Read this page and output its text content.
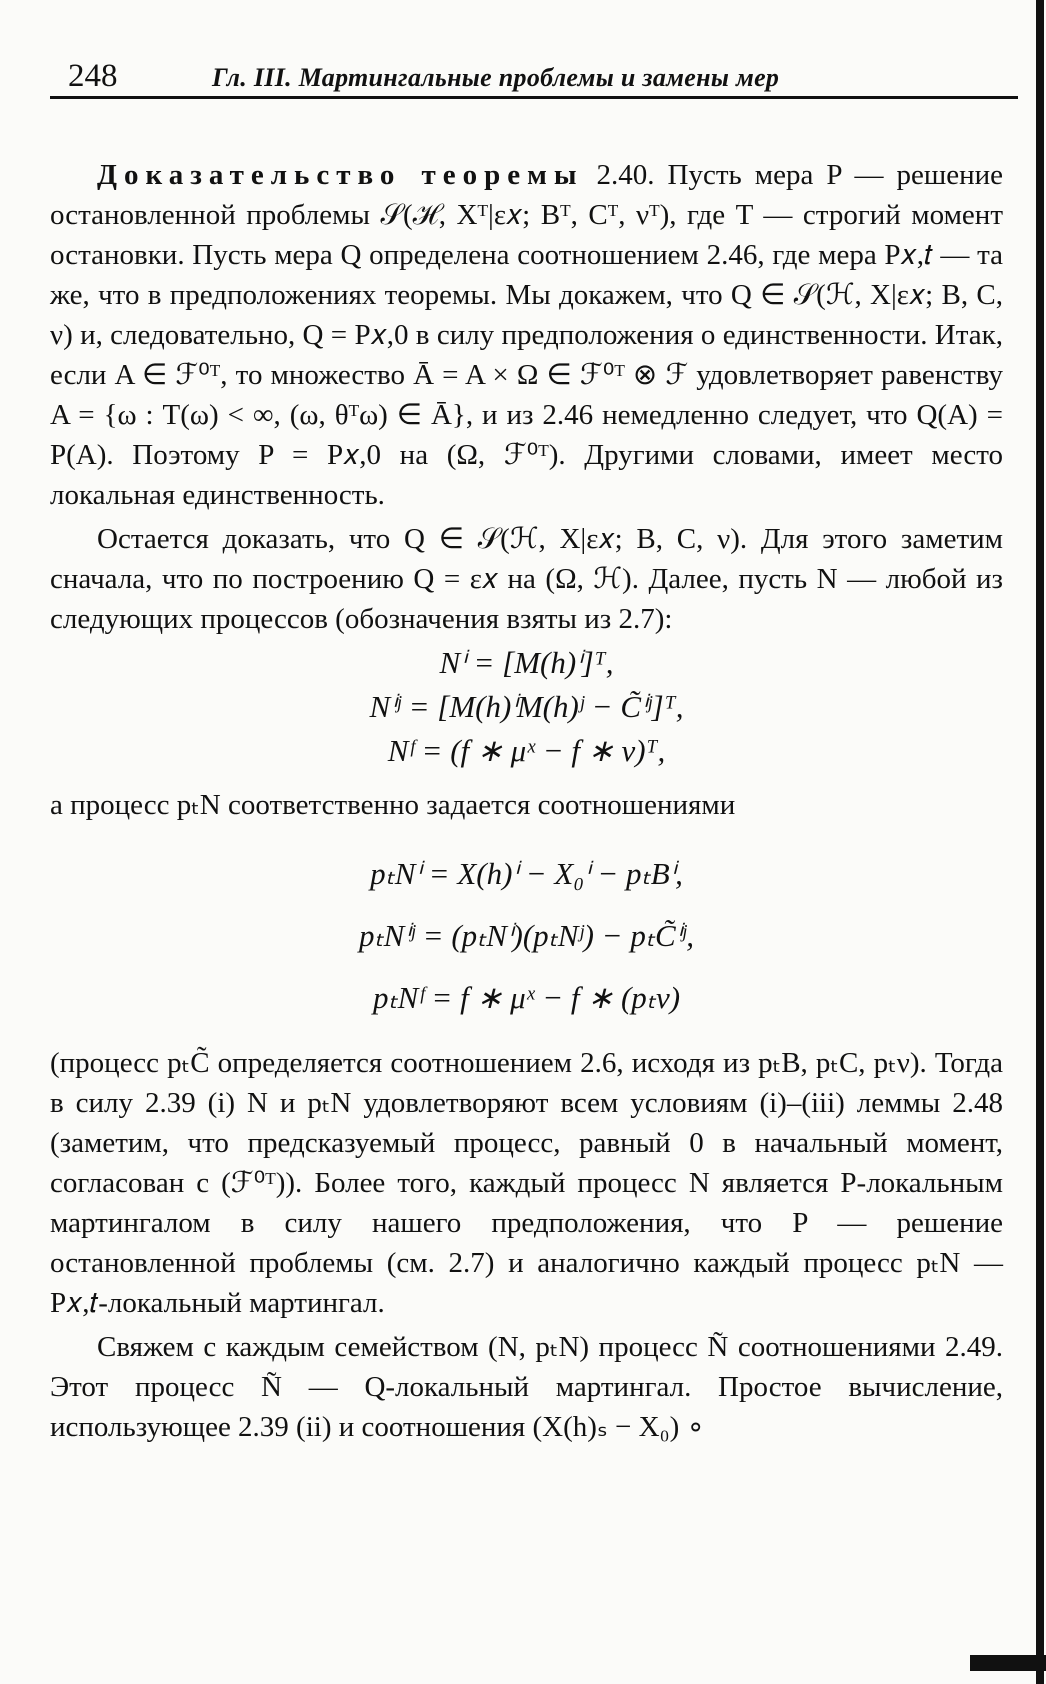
248	Гл. III. Мартингальные проблемы и замены мер

Доказательство теоремы 2.40. Пусть мера P — решение остановленной проблемы 𝒮(ℋ, Xᵀ|ε𝑥; Bᵀ, Cᵀ, νᵀ), где T — строгий момент остановки. Пусть мера Q определена соотношением 2.46, где мера P𝑥,𝑡 — та же, что в предположениях теоремы. Мы докажем, что Q ∈ 𝒮(ℋ, X|ε𝑥; B, C, ν) и, следовательно, Q = P𝑥,0 в силу предположения о единственности. Итак, если A ∈ ℱ⁰ᵀ, то множество Ā = A × Ω ∈ ℱ⁰ᵀ ⊗ ℱ удовлетворяет равенству A = {ω : T(ω) < ∞, (ω, θᵀω) ∈ Ā}, и из 2.46 немедленно следует, что Q(A) = P(A). Поэтому P = P𝑥,0 на (Ω, ℱ⁰ᵀ). Другими словами, имеет место локальная единственность.

Остается доказать, что Q ∈ 𝒮(ℋ, X|ε𝑥; B, C, ν). Для этого заметим сначала, что по построению Q = ε𝑥 на (Ω, ℋ). Далее, пусть N — любой из следующих процессов (обозначения взяты из 2.7):

Nⁱ = [M(h)ⁱ]ᵀ,
Nⁱʲ = [M(h)ⁱM(h)ʲ − C̃ⁱʲ]ᵀ,
Nᶠ = (f ∗ μˣ − f ∗ ν)ᵀ,

а процесс pₜN соответственно задается соотношениями

pₜNⁱ = X(h)ⁱ − X₀ⁱ − pₜBⁱ,
pₜNⁱʲ = (pₜNⁱ)(pₜNʲ) − pₜC̃ⁱʲ,
pₜNᶠ = f ∗ μˣ − f ∗ (pₜν)

(процесс pₜC̃ определяется соотношением 2.6, исходя из pₜB, pₜC, pₜν). Тогда в силу 2.39 (i) N и pₜN удовлетворяют всем условиям (i)–(iii) леммы 2.48 (заметим, что предсказуемый процесс, равный 0 в начальный момент, согласован с (ℱ⁰ᵀ)). Более того, каждый процесс N является P-локальным мартингалом в силу нашего предположения, что P — решение остановленной проблемы (см. 2.7) и аналогично каждый процесс pₜN — P𝑥,𝑡-локальный мартингал.

Свяжем с каждым семейством (N, pₜN) процесс Ñ соотношениями 2.49. Этот процесс Ñ — Q-локальный мартингал. Простое вычисление, использующее 2.39 (ii) и соотношения (X(h)ₛ − X₀) ∘
